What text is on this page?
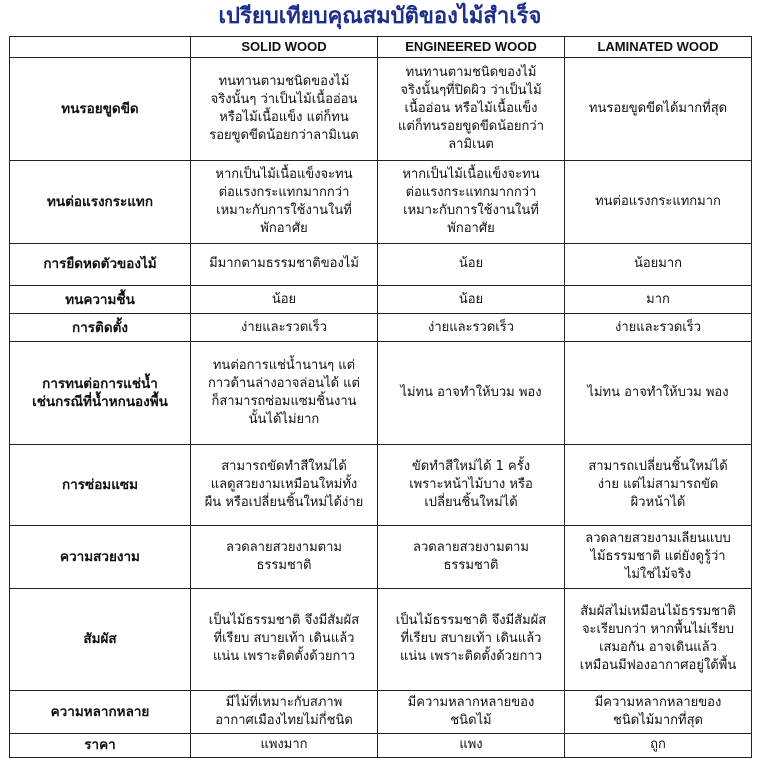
เปรียบเทียบคุณสมบัติของไม้สำเร็จ
	SOLID WOOD	ENGINEERED WOOD	LAMINATED WOOD
ทนรอยขูดขีด	ทนทานตามชนิดของไม้
จริงนั้นๆ ว่าเป็นไม้เนื้ออ่อน
หรือไม้เนื้อแข็ง แต่ก็ทน
รอยขูดขีดน้อยกว่าลามิเนต	ทนทานตามชนิดของไม้
จริงนั้นๆที่ปิดผิว ว่าเป็นไม้
เนื้ออ่อน หรือไม้เนื้อแข็ง
แต่ก็ทนรอยขูดขีดน้อยกว่า
ลามิเนต	ทนรอยขูดขีดได้มากที่สุด
ทนต่อแรงกระแทก	หากเป็นไม้เนื้อแข็งจะทน
ต่อแรงกระแทกมากกว่า
เหมาะกับการใช้งานในที่
พักอาศัย	หากเป็นไม้เนื้อแข็งจะทน
ต่อแรงกระแทกมากกว่า
เหมาะกับการใช้งานในที่
พักอาศัย	ทนต่อแรงกระแทกมาก
การยืดหดตัวของไม้	มีมากตามธรรมชาติของไม้	น้อย	น้อยมาก
ทนความชื้น	น้อย	น้อย	มาก
การติดตั้ง	ง่ายและรวดเร็ว	ง่ายและรวดเร็ว	ง่ายและรวดเร็ว
การทนต่อการแช่น้ำ
เช่นกรณีที่น้ำหกนองพื้น	ทนต่อการแช่น้ำนานๆ แต่
กาวด้านล่างอาจล่อนได้ แต่
ก็สามารถซ่อมแซมชิ้นงาน
นั้นได้ไม่ยาก	ไม่ทน อาจทำให้บวม พอง	ไม่ทน อาจทำให้บวม พอง
การซ่อมแซม	สามารถขัดทำสีใหม่ได้
แลดูสวยงามเหมือนใหม่ทั้ง
ผืน หรือเปลี่ยนชิ้นใหม่ได้ง่าย	ขัดทำสีใหม่ได้ 1 ครั้ง
เพราะหน้าไม้บาง หรือ
เปลี่ยนชิ้นใหม่ได้	สามารถเปลี่ยนชิ้นใหม่ได้
ง่าย แต่ไม่สามารถขัด
ผิวหน้าได้
ความสวยงาม	ลวดลายสวยงามตาม
ธรรมชาติ	ลวดลายสวยงามตาม
ธรรมชาติ	ลวดลายสวยงามเลียนแบบ
ไม้ธรรมชาติ แต่ยังดูรู้ว่า
ไม่ใช่ไม้จริง
สัมผัส	เป็นไม้ธรรมชาติ จึงมีสัมผัส
ที่เรียบ สบายเท้า เดินแล้ว
แน่น เพราะติดตั้งด้วยกาว	เป็นไม้ธรรมชาติ จึงมีสัมผัส
ที่เรียบ สบายเท้า เดินแล้ว
แน่น เพราะติดตั้งด้วยกาว	สัมผัสไม่เหมือนไม้ธรรมชาติ
จะเรียบกว่า หากพื้นไม่เรียบ
เสมอกัน อาจเดินแล้ว
เหมือนมีฟองอากาศอยู่ใต้พื้น
ความหลากหลาย	มีไม้ที่เหมาะกับสภาพ
อากาศเมืองไทยไม่กี่ชนิด	มีความหลากหลายของ
ชนิดไม้	มีความหลากหลายของ
ชนิดไม้มากที่สุด
ราคา	แพงมาก	แพง	ถูก
